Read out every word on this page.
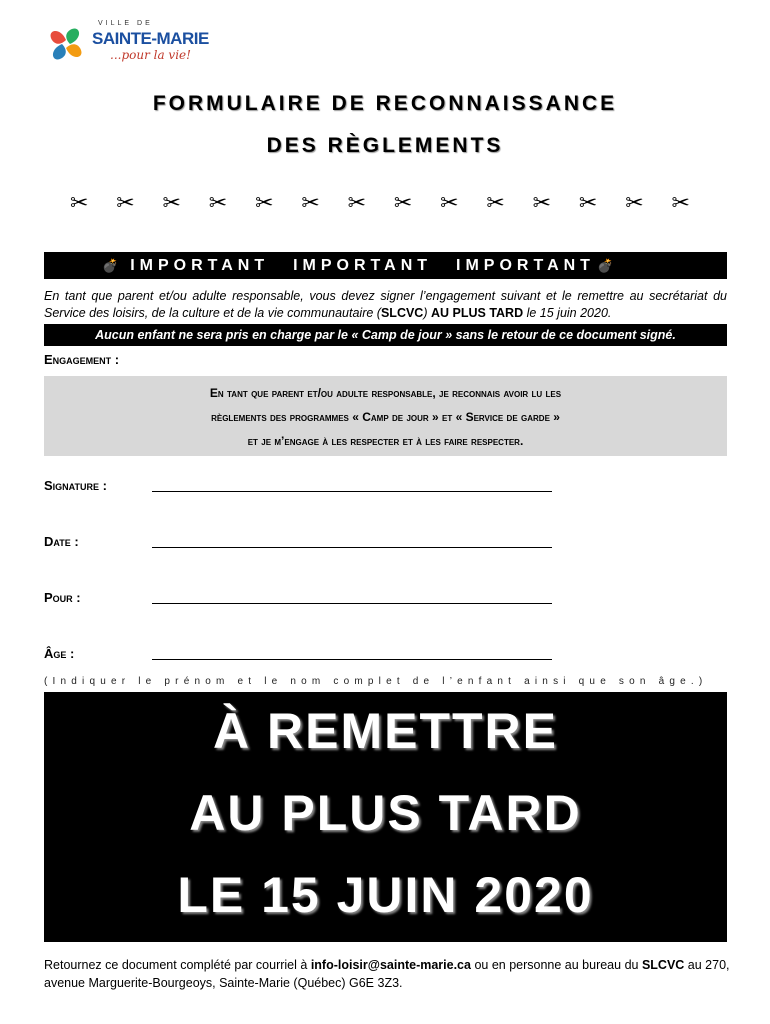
VILLE DE
SAINTE-MARIE
...pour la vie!
FORMULAIRE DE RECONNAISSANCE
DES RÈGLEMENTS
✂ ✂ ✂ ✂ ✂ ✂ ✂ ✂ ✂ ✂ ✂ ✂ ✂ ✂
💣 IMPORTANT IMPORTANT IMPORTANT 💣
En tant que parent et/ou adulte responsable, vous devez signer l’engagement suivant et le remettre au secrétariat du Service des loisirs, de la culture et de la vie communautaire (SLCVC) AU PLUS TARD le 15 juin 2020.
Aucun enfant ne sera pris en charge par le « Camp de jour » sans le retour de ce document signé.
Engagement :
En tant que parent et/ou adulte responsable, je reconnais avoir lu les
règlements des programmes « Camp de jour » et « Service de garde »
et je m’engage à les respecter et à les faire respecter.
Signature :
Date :
Pour :
Âge :
(Indiquer le prénom et le nom complet de l’enfant ainsi que son âge.)
À REMETTRE
AU PLUS TARD
LE 15 JUIN 2020
Retournez ce document complété par courriel à info-loisir@sainte-marie.ca ou en personne au bureau du SLCVC au 270, avenue Marguerite-Bourgeoys, Sainte-Marie (Québec) G6E 3Z3.
